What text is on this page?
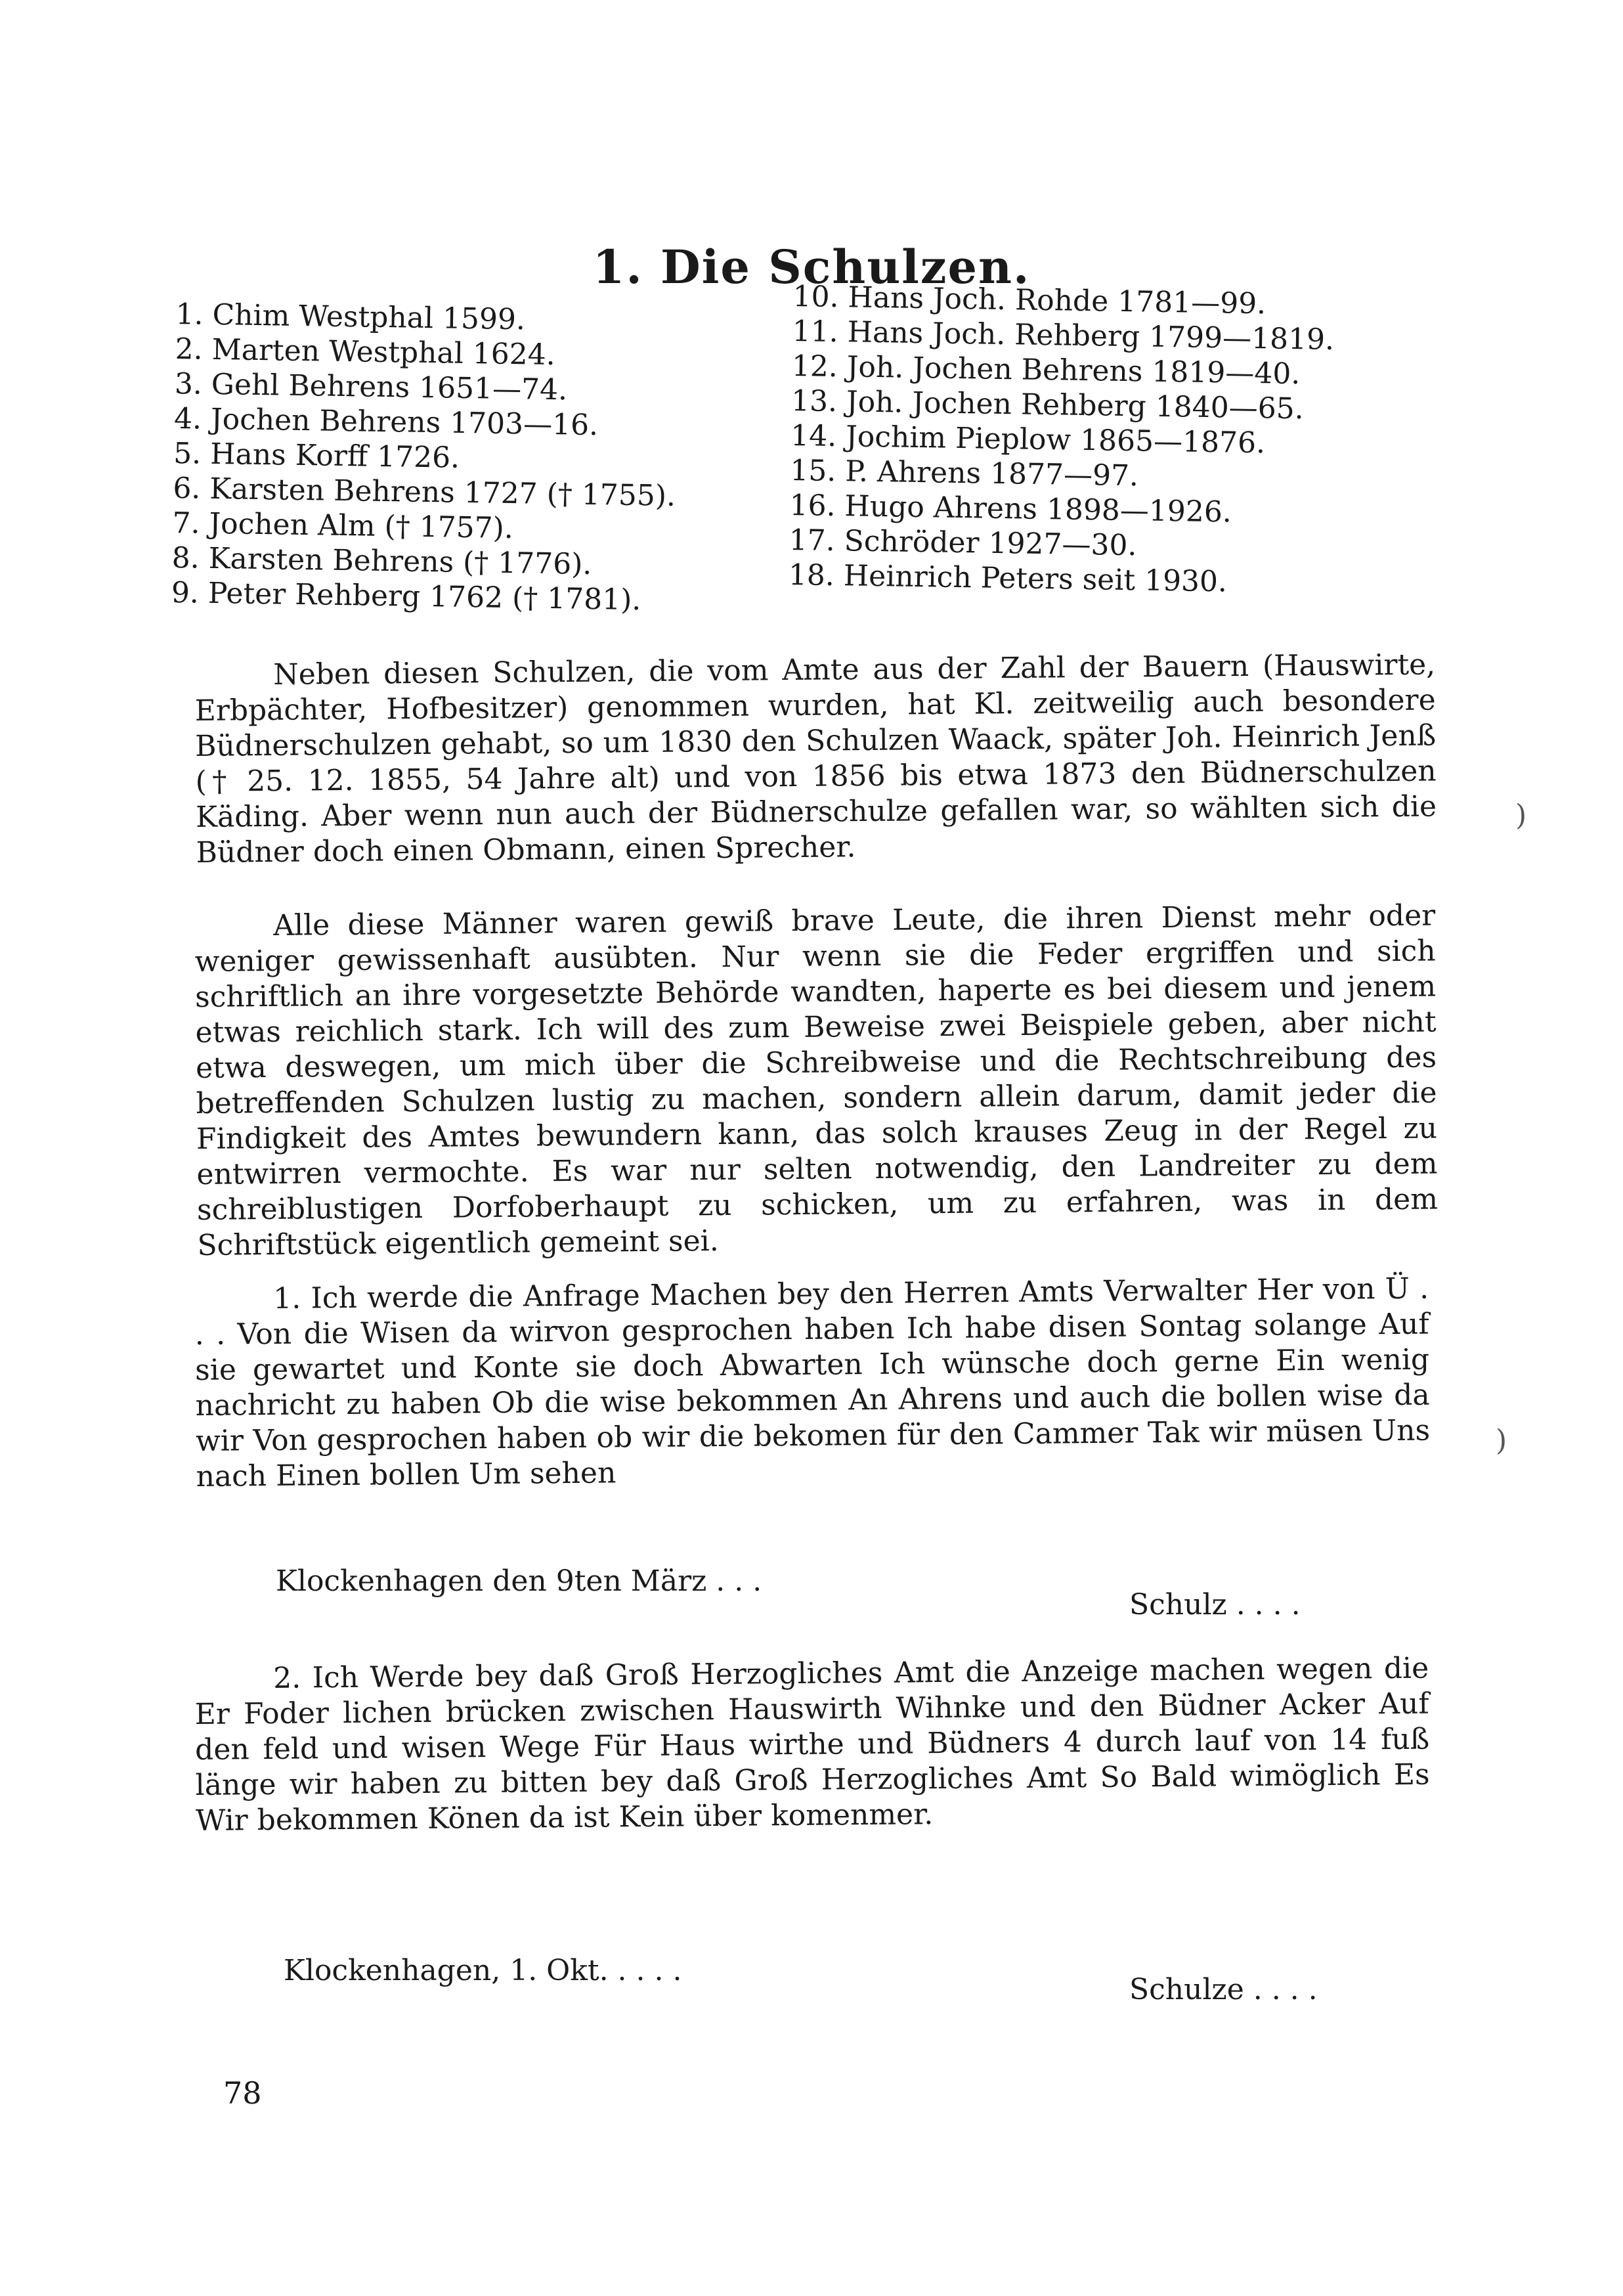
1. Die Schulzen.
1. Chim Westphal 1599.
2. Marten Westphal 1624.
3. Gehl Behrens 1651—74.
4. Jochen Behrens 1703—16.
5. Hans Korff 1726.
6. Karsten Behrens 1727 († 1755).
7. Jochen Alm († 1757).
8. Karsten Behrens († 1776).
9. Peter Rehberg 1762 († 1781).
10. Hans Joch. Rohde 1781—99.
11. Hans Joch. Rehberg 1799—1819.
12. Joh. Jochen Behrens 1819—40.
13. Joh. Jochen Rehberg 1840—65.
14. Jochim Pieplow 1865—1876.
15. P. Ahrens 1877—97.
16. Hugo Ahrens 1898—1926.
17. Schröder 1927—30.
18. Heinrich Peters seit 1930.

Neben diesen Schulzen, die vom Amte aus der Zahl der Bauern (Hauswirte, Erbpächter, Hofbesitzer) genommen wurden, hat Kl. zeitweilig auch besondere Büdnerschulzen gehabt, so um 1830 den Schulzen Waack, später Joh. Heinrich Jenß († 25. 12. 1855, 54 Jahre alt) und von 1856 bis etwa 1873 den Büdnerschulzen Käding. Aber wenn nun auch der Büdnerschulze gefallen war, so wählten sich die Büdner doch einen Obmann, einen Sprecher.

Alle diese Männer waren gewiß brave Leute, die ihren Dienst mehr oder weniger gewissenhaft ausübten. Nur wenn sie die Feder ergriffen und sich schriftlich an ihre vorgesetzte Behörde wandten, haperte es bei diesem und jenem etwas reichlich stark. Ich will des zum Beweise zwei Beispiele geben, aber nicht etwa deswegen, um mich über die Schreibweise und die Rechtschreibung des betreffenden Schulzen lustig zu machen, sondern allein darum, damit jeder die Findigkeit des Amtes bewundern kann, das solch krauses Zeug in der Regel zu entwirren vermochte. Es war nur selten notwendig, den Landreiter zu dem schreiblustigen Dorfoberhaupt zu schicken, um zu erfahren, was in dem Schriftstück eigentlich gemeint sei.

1. Ich werde die Anfrage Machen bey den Herren Amts Verwalter Her von Ü . . . Von die Wisen da wirvon gesprochen haben Ich habe disen Sontag solange Auf sie gewartet und Konte sie doch Abwarten Ich wünsche doch gerne Ein wenig nachricht zu haben Ob die wise bekommen An Ahrens und auch die bollen wise da wir Von gesprochen haben ob wir die bekomen für den Cammer Tak wir müsen Uns nach Einen bollen Um sehen

Klockenhagen den 9ten März . . .
Schulz . . . .

2. Ich Werde bey daß Groß Herzogliches Amt die Anzeige machen wegen die Er Foder lichen brücken zwischen Hauswirth Wihnke und den Büdner Acker Auf den feld und wisen Wege Für Haus wirthe und Büdners 4 durch lauf von 14 fuß länge wir haben zu bitten bey daß Groß Herzogliches Amt So Bald wimöglich Es Wir bekommen Könen da ist Kein über komenmer.

Klockenhagen, 1. Okt. . . . .
Schulze . . . .
)
)
78
